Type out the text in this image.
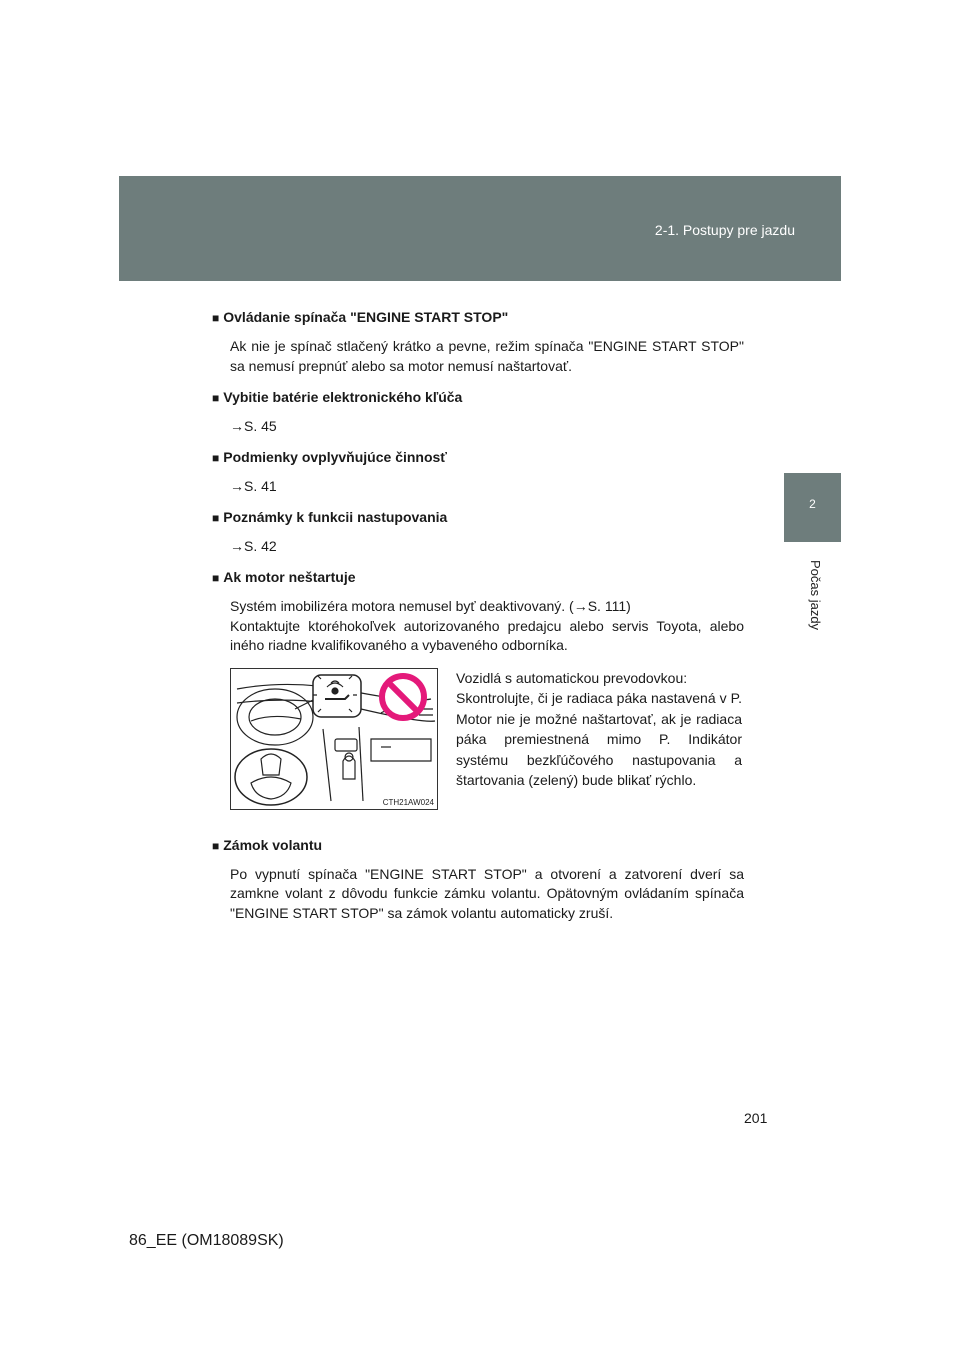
2-1. Postupy pre jazdu
2
Počas jazdy

■ Ovládanie spínača "ENGINE START STOP"

Ak nie je spínač stlačený krátko a pevne, režim spínača "ENGINE START STOP" sa nemusí prepnúť alebo sa motor nemusí naštartovať.

■ Vybitie batérie elektronického kľúča

→S. 45

■ Podmienky ovplyvňujúce činnosť

→S. 41

■ Poznámky k funkcii nastupovania

→S. 42

■ Ak motor neštartuje

Systém imobilizéra motora nemusel byť deaktivovaný. (→S. 111)

Kontaktujte ktoréhokoľvek autorizovaného predajcu alebo servis Toyota, alebo iného riadne kvalifikovaného a vybaveného odborníka.

CTH21AW024
Vozidlá s automatickou prevodovkou:
Skontrolujte, či je radiaca páka nastavená v P. Motor nie je možné naštartovať, ak je radiaca páka premiestnená mimo P. Indikátor systému bezkľúčového nastupovania a štartovania (zelený) bude blikať rýchlo.

■ Zámok volantu

Po vypnutí spínača "ENGINE START STOP" a otvorení a zatvorení dverí sa zamkne volant z dôvodu funkcie zámku volantu. Opätovným ovládaním spínača "ENGINE START STOP" sa zámok volantu automaticky zruší.

201
86_EE (OM18089SK)
